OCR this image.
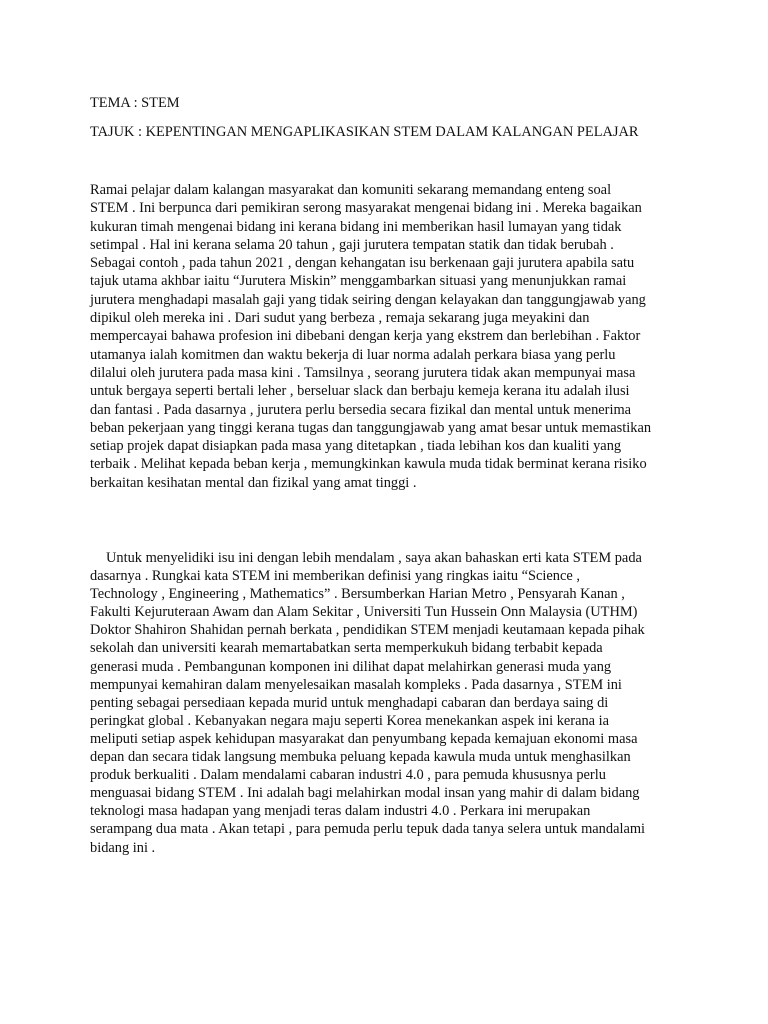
TEMA : STEM
TAJUK : KEPENTINGAN MENGAPLIKASIKAN STEM DALAM KALANGAN PELAJAR
Ramai pelajar dalam kalangan masyarakat dan komuniti sekarang memandang enteng soal
STEM . Ini berpunca dari pemikiran serong masyarakat mengenai bidang ini . Mereka bagaikan
kukuran timah mengenai bidang ini kerana bidang ini memberikan hasil lumayan yang tidak
setimpal . Hal ini kerana selama 20 tahun , gaji jurutera tempatan statik dan tidak berubah .
Sebagai contoh , pada tahun 2021 , dengan kehangatan isu berkenaan gaji jurutera apabila satu
tajuk utama akhbar iaitu “Jurutera Miskin” menggambarkan situasi yang menunjukkan ramai
jurutera menghadapi masalah gaji yang tidak seiring dengan kelayakan dan tanggungjawab yang
dipikul oleh mereka ini . Dari sudut yang berbeza , remaja sekarang juga meyakini dan
mempercayai bahawa profesion ini dibebani dengan kerja yang ekstrem dan berlebihan . Faktor
utamanya ialah komitmen dan waktu bekerja di luar norma adalah perkara biasa yang perlu
dilalui oleh jurutera pada masa kini . Tamsilnya , seorang jurutera tidak akan mempunyai masa
untuk bergaya seperti bertali leher , berseluar slack dan berbaju kemeja kerana itu adalah ilusi
dan fantasi . Pada dasarnya , jurutera perlu bersedia secara fizikal dan mental untuk menerima
beban pekerjaan yang tinggi kerana tugas dan tanggungjawab yang amat besar untuk memastikan
setiap projek dapat disiapkan pada masa yang ditetapkan , tiada lebihan kos dan kualiti yang
terbaik . Melihat kepada beban kerja , memungkinkan kawula muda tidak berminat kerana risiko
berkaitan kesihatan mental dan fizikal yang amat tinggi .
Untuk menyelidiki isu ini dengan lebih mendalam , saya akan bahaskan erti kata STEM pada
dasarnya . Rungkai kata STEM ini memberikan definisi yang ringkas iaitu “Science ,
Technology , Engineering , Mathematics” . Bersumberkan Harian Metro , Pensyarah Kanan ,
Fakulti Kejuruteraan Awam dan Alam Sekitar , Universiti Tun Hussein Onn Malaysia (UTHM)
Doktor Shahiron Shahidan pernah berkata , pendidikan STEM menjadi keutamaan kepada pihak
sekolah dan universiti kearah memartabatkan serta memperkukuh bidang terbabit kepada
generasi muda . Pembangunan komponen ini dilihat dapat melahirkan generasi muda yang
mempunyai kemahiran dalam menyelesaikan masalah kompleks . Pada dasarnya , STEM ini
penting sebagai persediaan kepada murid untuk menghadapi cabaran dan berdaya saing di
peringkat global . Kebanyakan negara maju seperti Korea menekankan aspek ini kerana ia
meliputi setiap aspek kehidupan masyarakat dan penyumbang kepada kemajuan ekonomi masa
depan dan secara tidak langsung membuka peluang kepada kawula muda untuk menghasilkan
produk berkualiti . Dalam mendalami cabaran industri 4.0 , para pemuda khususnya perlu
menguasai bidang STEM . Ini adalah bagi melahirkan modal insan yang mahir di dalam bidang
teknologi masa hadapan yang menjadi teras dalam industri 4.0 . Perkara ini merupakan
serampang dua mata . Akan tetapi , para pemuda perlu tepuk dada tanya selera untuk mandalami
bidang ini .
